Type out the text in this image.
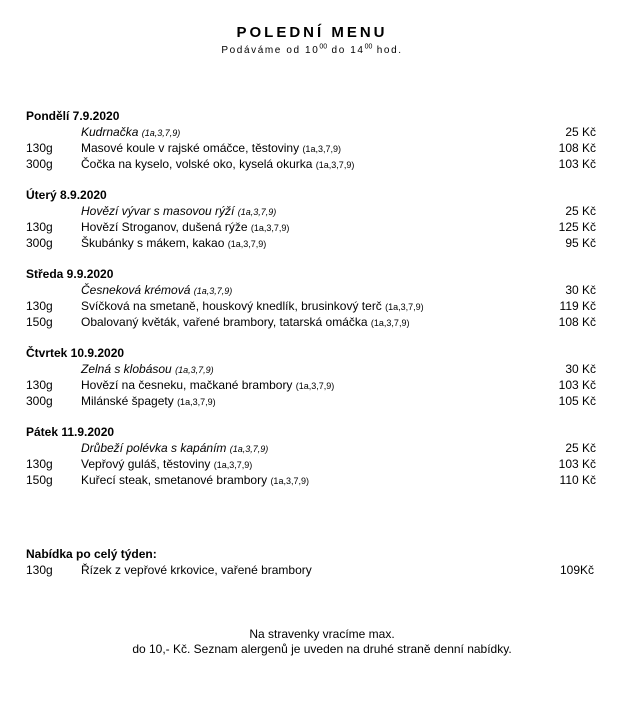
POLEDNÍ MENU
Podáváme od $10^{00}$ do $14^{00}$ hod.
Pondělí 7.9.2020
Kudrnačka (1a,3,7,9)	25 Kč
130g Masové koule v rajské omáčce, těstoviny (1a,3,7,9)	108 Kč
300g Čočka na kyselo, volské oko, kyselá okurka (1a,3,7,9)	103 Kč
Úterý 8.9.2020
Hovězí vývar s masovou rýží (1a,3,7,9)	25 Kč
130g Hovězí Stroganov, dušená rýže (1a,3,7,9)	125 Kč
300g Škubánky s mákem, kakao (1a,3,7,9)	95 Kč
Středa 9.9.2020
Česneková krémová (1a,3,7,9)	30 Kč
130g Svíčková na smetaně, houskový knedlík, brusinkový terč (1a,3,7,9)	119 Kč
150g Obalovaný květák, vařené brambory, tatarská omáčka (1a,3,7,9)	108 Kč
Čtvrtek 10.9.2020
Zelná s klobásou (1a,3,7,9)	30 Kč
130g Hovězí na česneku, mačkané brambory (1a,3,7,9)	103 Kč
300g Milánské špagety (1a,3,7,9)	105 Kč
Pátek 11.9.2020
Drůbeží polévka s kapáním (1a,3,7,9)	25 Kč
130g Vepřový guláš, těstoviny (1a,3,7,9)	103 Kč
150g Kuřecí steak, smetanové brambory (1a,3,7,9)	110 Kč
Nabídka po celý týden:
130g Řízek z vepřové krkovice, vařené brambory	109Kč
Na stravenky vracíme max.
do 10,- Kč. Seznam alergenů je uveden na druhé straně denní nabídky.
